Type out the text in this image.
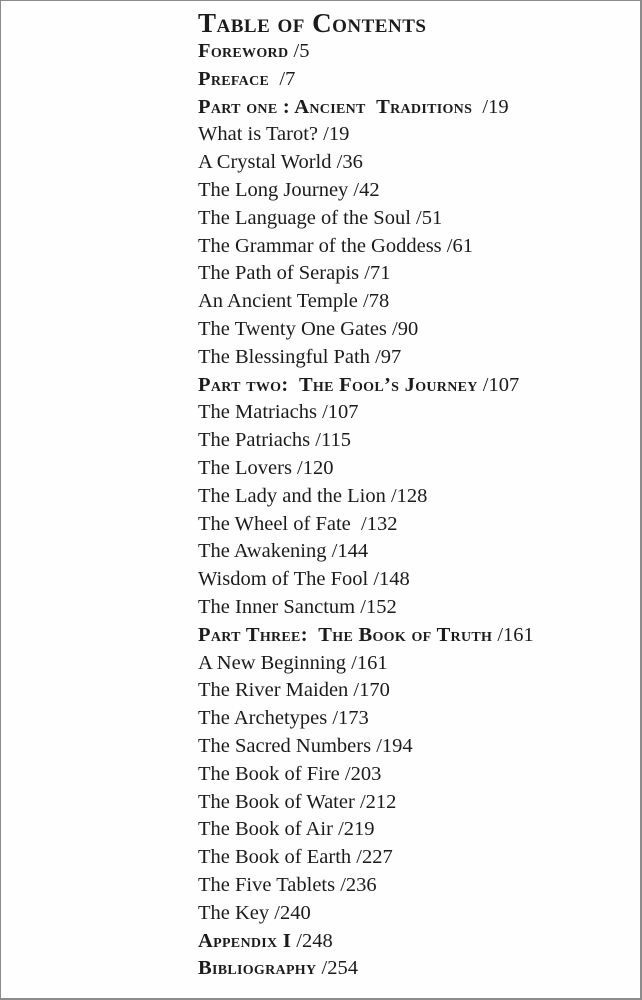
Table of Contents
Foreword /5
Preface  /7
Part one : Ancient  Traditions  /19
What is Tarot? /19
A Crystal World /36
The Long Journey /42
The Language of the Soul /51
The Grammar of the Goddess /61
The Path of Serapis /71
An Ancient Temple /78
The Twenty One Gates /90
The Blessingful Path /97
Part two:  The Fool’s Journey /107
The Matriachs /107
The Patriachs /115
The Lovers /120
The Lady and the Lion /128
The Wheel of Fate  /132
The Awakening /144
Wisdom of The Fool /148
The Inner Sanctum /152
Part Three:  The Book of Truth /161
A New Beginning /161
The River Maiden /170
The Archetypes /173
The Sacred Numbers /194
The Book of Fire /203
The Book of Water /212
The Book of Air /219
The Book of Earth /227
The Five Tablets /236
The Key /240
Appendix I /248
Bibliography /254
